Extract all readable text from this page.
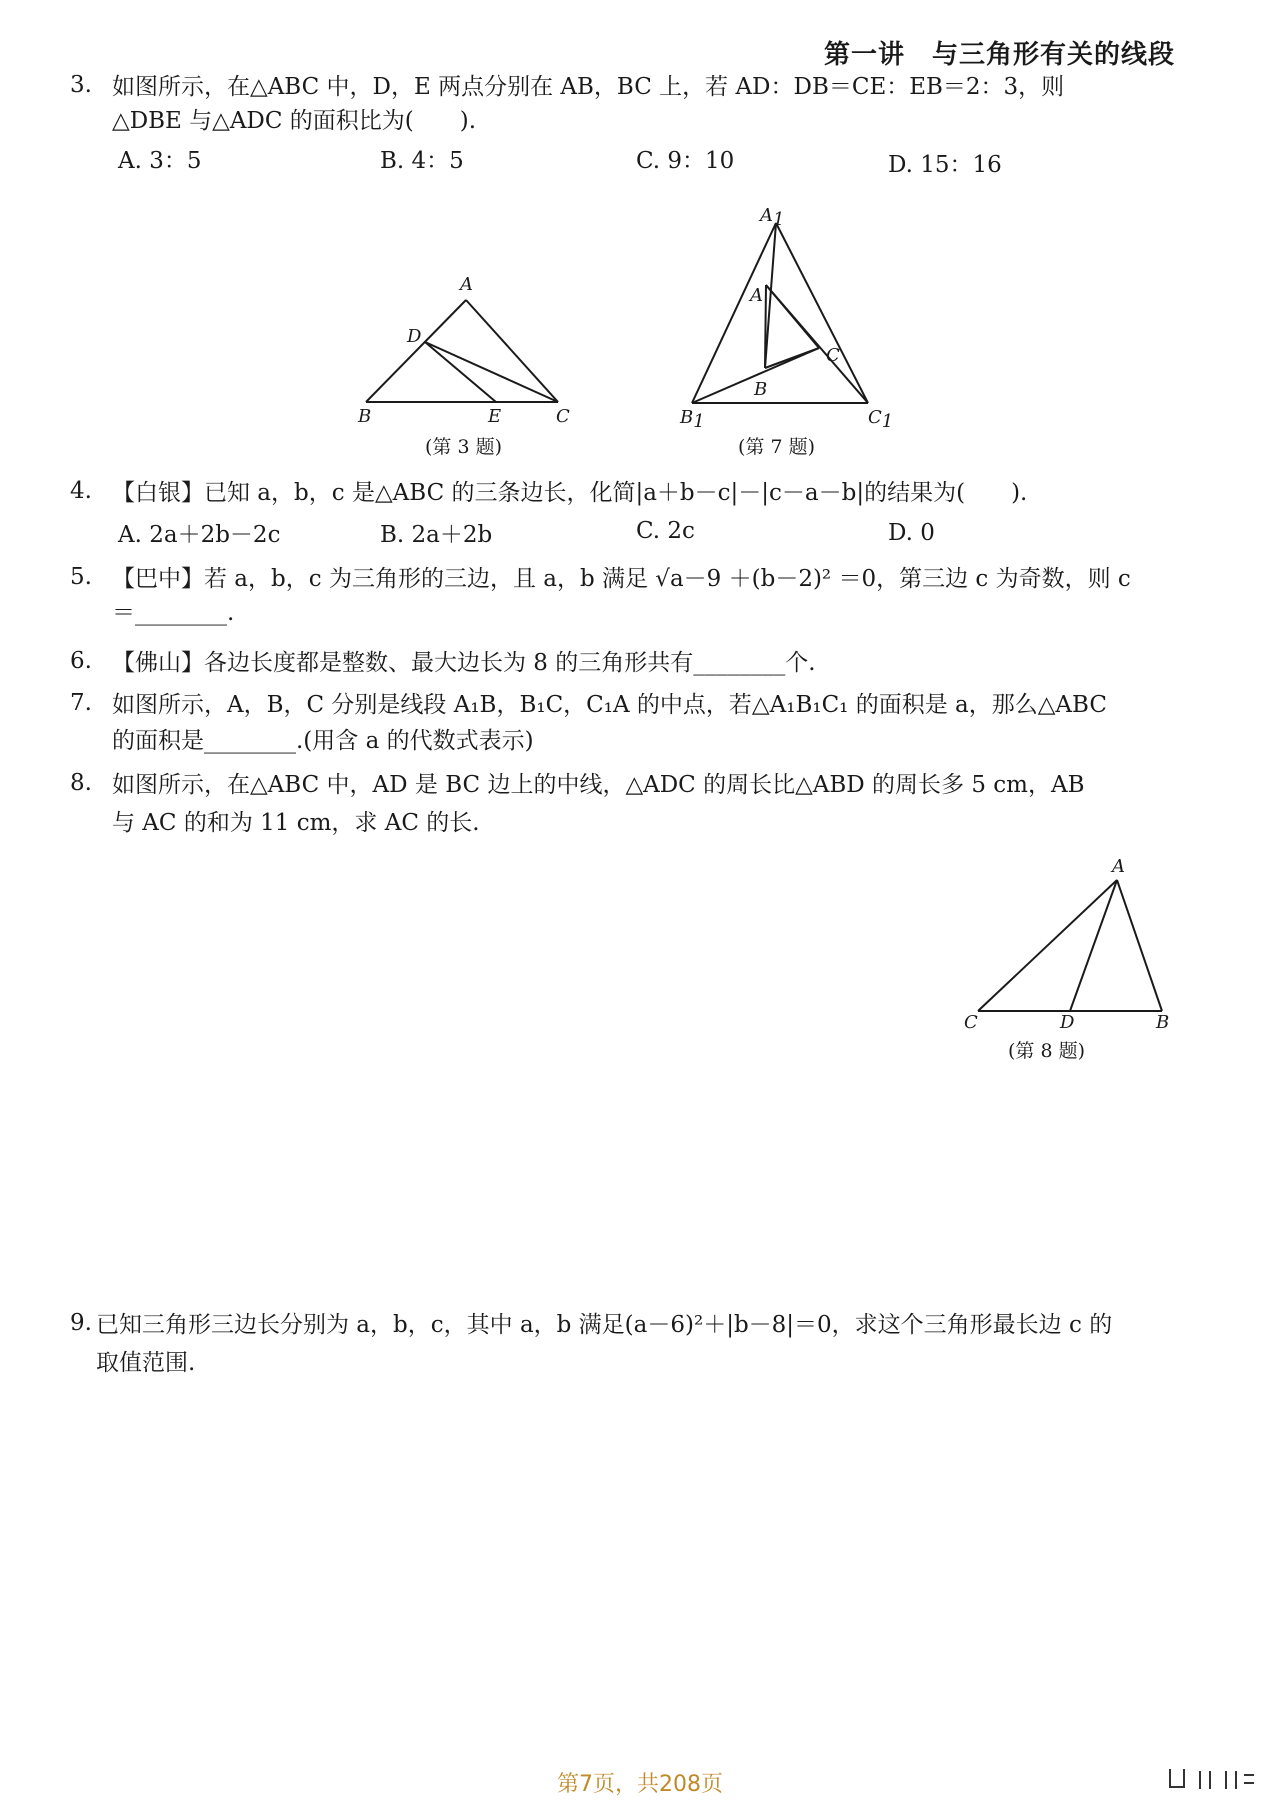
第一讲　与三角形有关的线段
3. 如图所示，在△ABC 中，D，E 两点分别在 AB，BC 上，若 AD：DB＝CE：EB＝2：3，则
△DBE 与△ADC 的面积比为(　　).
A. 3：5	B. 4：5	C. 9：10	D. 15：16
A
D
B	E	C
(第 3 题)
A1
A
C
B
B1	C1
(第 7 题)
4. 【白银】已知 a，b，c 是△ABC 的三条边长，化简|a＋b－c|－|c－a－b|的结果为(　　).
A. 2a＋2b－2c	B. 2a＋2b	C. 2c	D. 0
5. 【巴中】若 a，b，c 为三角形的三边，且 a，b 满足 √a－9 ＋(b－2)² ＝0，第三边 c 为奇数，则 c
＝________.
6. 【佛山】各边长度都是整数、最大边长为 8 的三角形共有________个.
7. 如图所示，A，B，C 分别是线段 A₁B，B₁C，C₁A 的中点，若△A₁B₁C₁ 的面积是 a，那么△ABC
的面积是________.(用含 a 的代数式表示)
8. 如图所示，在△ABC 中，AD 是 BC 边上的中线，△ADC 的周长比△ABD 的周长多 5 cm，AB
与 AC 的和为 11 cm，求 AC 的长.
A
C	D	B
(第 8 题)
9. 已知三角形三边长分别为 a，b，c，其中 a，b 满足(a－6)²＋|b－8|＝0，求这个三角形最长边 c 的
取值范围.
第7页，共208页
